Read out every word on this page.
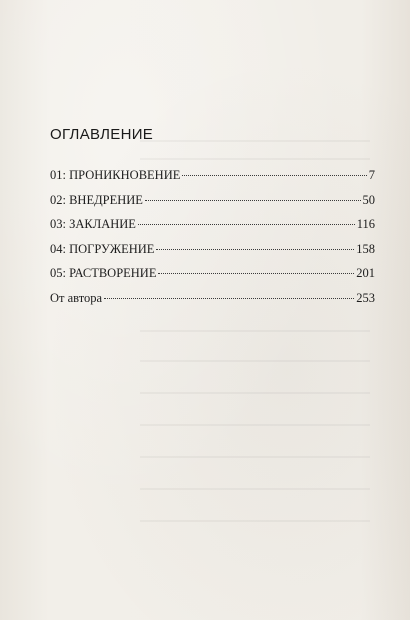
ОГЛАВЛЕНИЕ
01: ПРОНИКНОВЕНИЕ	7
02: ВНЕДРЕНИЕ	50
03: ЗАКЛАНИЕ	116
04: ПОГРУЖЕНИЕ	158
05: РАСТВОРЕНИЕ	201
От автора	253
